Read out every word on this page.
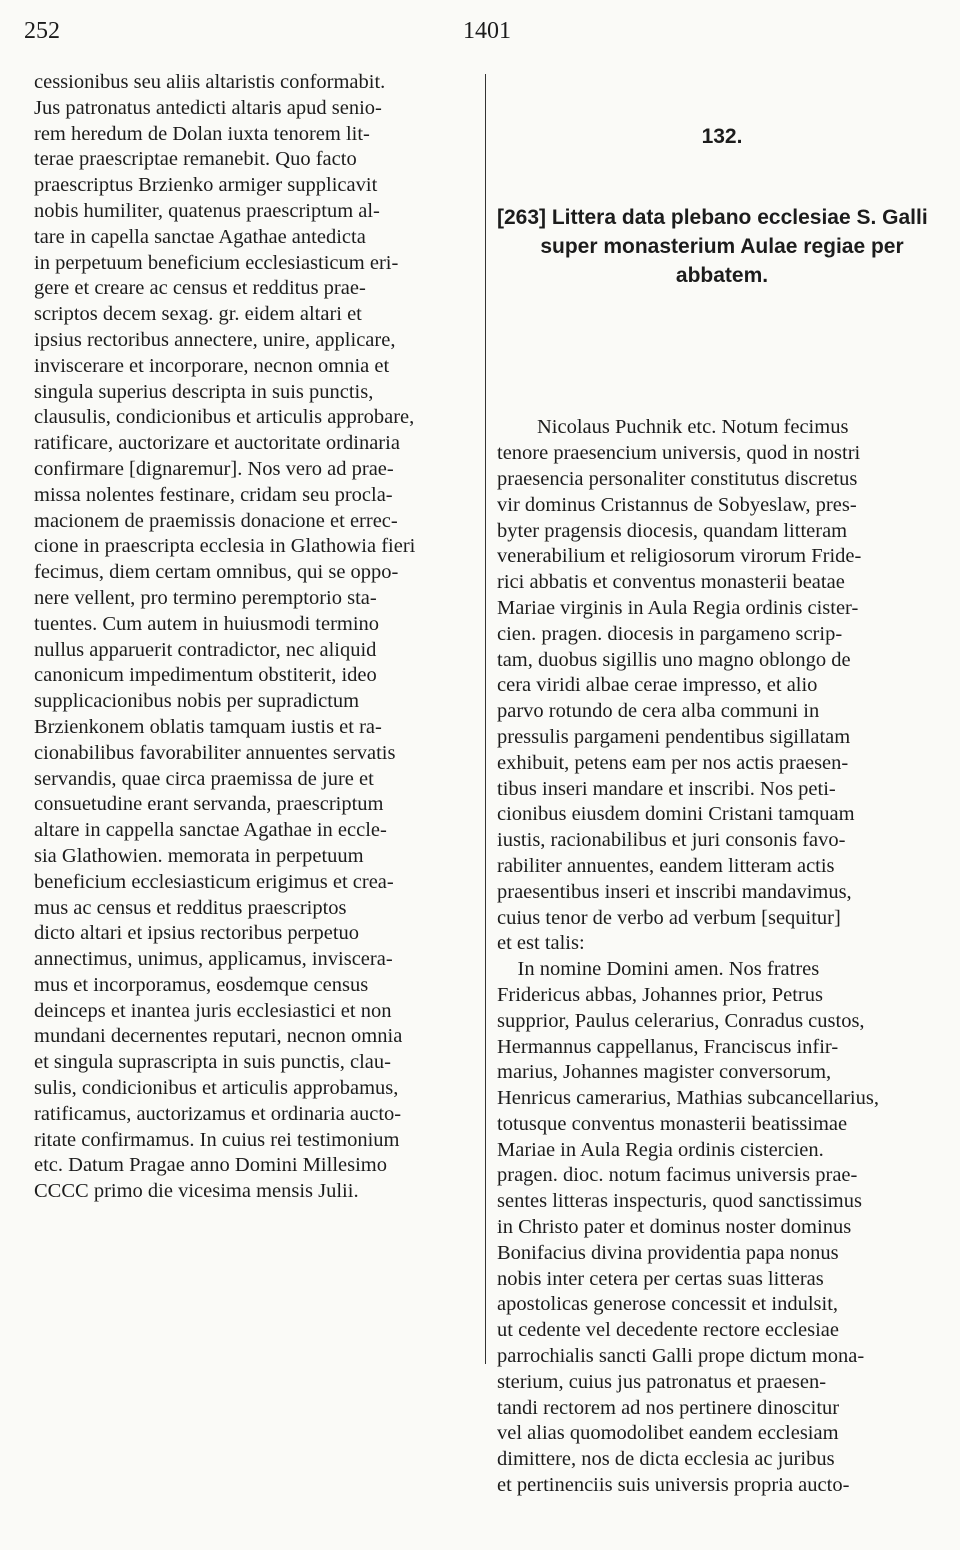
252	1401
cessionibus seu aliis altaristis conformabit.
Jus patronatus antedicti altaris apud senio-
rem heredum de Dolan iuxta tenorem lit-
terae praescriptae remanebit. Quo facto
praescriptus Brzienko armiger supplicavit
nobis humiliter, quatenus praescriptum al-
tare in capella sanctae Agathae antedicta
in perpetuum beneficium ecclesiasticum eri-
gere et creare ac census et redditus prae-
scriptos decem sexag. gr. eidem altari et
ipsius rectoribus annectere, unire, applicare,
inviscerare et incorporare, necnon omnia et
singula superius descripta in suis punctis,
clausulis, condicionibus et articulis approbare,
ratificare, auctorizare et auctoritate ordinaria
confirmare [dignaremur]. Nos vero ad prae-
missa nolentes festinare, cridam seu procla-
macionem de praemissis donacione et errec-
cione in praescripta ecclesia in Glathowia fieri
fecimus, diem certam omnibus, qui se oppo-
nere vellent, pro termino peremptorio sta-
tuentes. Cum autem in huiusmodi termino
nullus apparuerit contradictor, nec aliquid
canonicum impedimentum obstiterit, ideo
supplicacionibus nobis per supradictum
Brzienkonem oblatis tamquam iustis et ra-
cionabilibus favorabiliter annuentes servatis
servandis, quae circa praemissa de jure et
consuetudine erant servanda, praescriptum
altare in cappella sanctae Agathae in eccle-
sia Glathowien. memorata in perpetuum
beneficium ecclesiasticum erigimus et crea-
mus ac census et redditus praescriptos
dicto altari et ipsius rectoribus perpetuo
annectimus, unimus, applicamus, inviscera-
mus et incorporamus, eosdemque census
deinceps et inantea juris ecclesiastici et non
mundani decernentes reputari, necnon omnia
et singula suprascripta in suis punctis, clau-
sulis, condicionibus et articulis approbamus,
ratificamus, auctorizamus et ordinaria aucto-
ritate confirmamus. In cuius rei testimonium
etc. Datum Pragae anno Domini Millesimo
CCCC primo die vicesima mensis Julii.

132.

[263] Littera data plebano ecclesiae S. Galli
super monasterium Aulae regiae per
abbatem.

Nicolaus Puchnik etc. Notum fecimus
tenore praesencium universis, quod in nostri
praesencia personaliter constitutus discretus
vir dominus Cristannus de Sobyeslaw, pres-
byter pragensis diocesis, quandam litteram
venerabilium et religiosorum virorum Fride-
rici abbatis et conventus monasterii beatae
Mariae virginis in Aula Regia ordinis cister-
cien. pragen. diocesis in pargameno scrip-
tam, duobus sigillis uno magno oblongo de
cera viridi albae cerae impresso, et alio
parvo rotundo de cera alba communi in
pressulis pargameni pendentibus sigillatam
exhibuit, petens eam per nos actis praesen-
tibus inseri mandare et inscribi. Nos peti-
cionibus eiusdem domini Cristani tamquam
iustis, racionabilibus et juri consonis favo-
rabiliter annuentes, eandem litteram actis
praesentibus inseri et inscribi mandavimus,
cuius tenor de verbo ad verbum [sequitur]
et est talis:
In nomine Domini amen. Nos fratres
Fridericus abbas, Johannes prior, Petrus
supprior, Paulus celerarius, Conradus custos,
Hermannus cappellanus, Franciscus infir-
marius, Johannes magister conversorum,
Henricus camerarius, Mathias subcancellarius,
totusque conventus monasterii beatissimae
Mariae in Aula Regia ordinis cistercien.
pragen. dioc. notum facimus universis prae-
sentes litteras inspecturis, quod sanctissimus
in Christo pater et dominus noster dominus
Bonifacius divina providentia papa nonus
nobis inter cetera per certas suas litteras
apostolicas generose concessit et indulsit,
ut cedente vel decedente rectore ecclesiae
parrochialis sancti Galli prope dictum mona-
sterium, cuius jus patronatus et praesen-
tandi rectorem ad nos pertinere dinoscitur
vel alias quomodolibet eandem ecclesiam
dimittere, nos de dicta ecclesia ac juribus
et pertinenciis suis universis propria aucto-
